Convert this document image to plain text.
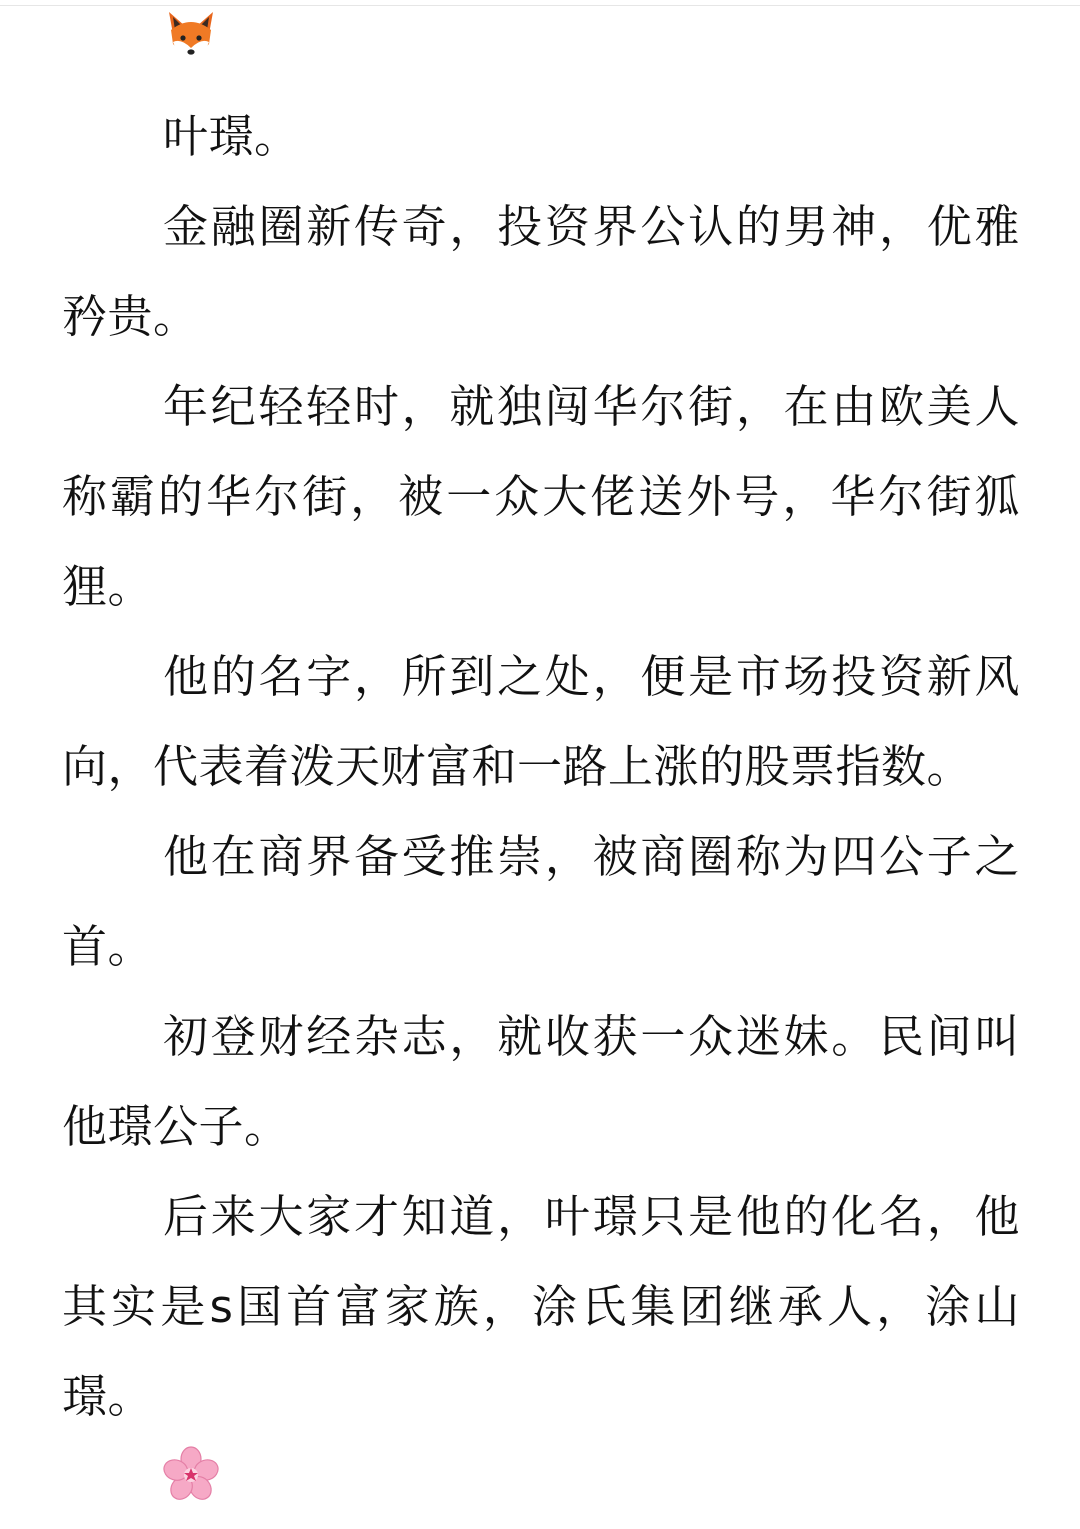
叶璟。

金融圈新传奇，投资界公认的男神，优雅矜贵。

年纪轻轻时，就独闯华尔街，在由欧美人称霸的华尔街，被一众大佬送外号，华尔街狐狸。

他的名字，所到之处，便是市场投资新风向，代表着泼天财富和一路上涨的股票指数。

他在商界备受推崇，被商圈称为四公子之首。

初登财经杂志，就收获一众迷妹。民间叫他璟公子。

后来大家才知道，叶璟只是他的化名，他其实是s国首富家族，涂氏集团继承人，涂山璟。
